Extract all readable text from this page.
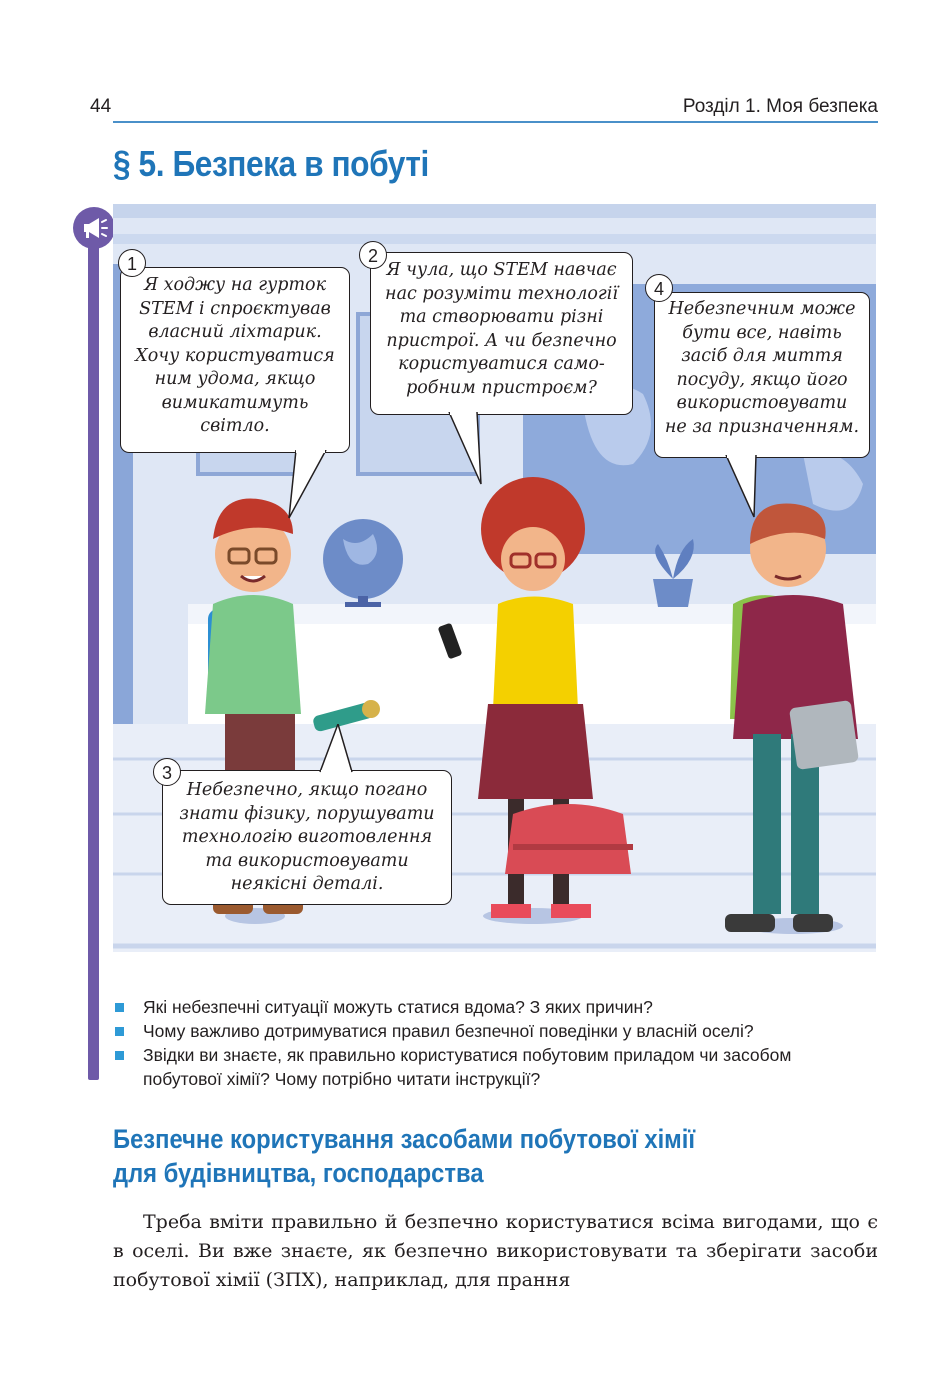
44	Розділ 1. Моя безпека
§ 5. Безпека в побуті
Я ходжу на гурток STEM і спроєктував власний ліхтарик. Хочу користуватися ним удома, якщо вимикатимуть світло.
1	Я чула, що STEM навчає нас розуміти технології та створювати різні пристрої. А чи безпечно користуватися само-робним пристроєм?
2
Небезпечно, якщо погано знати фізику, порушувати технологію виготовлення та використовувати неякісні деталі.
3
Небезпечним може бути все, навіть засіб для миття посуду, якщо його використовувати не за призначенням.
4
Які небезпечні ситуації можуть статися вдома? З яких причин?
Чому важливо дотримуватися правил безпечної поведінки у власній оселі?
Звідки ви знаєте, як правильно користуватися побутовим приладом чи засобом побутової хімії? Чому потрібно читати інструкції?
Безпечне користування засобами побутової хімії
для будівництва, господарства
Треба вміти правильно й безпечно користуватися всіма вигодами, що є в оселі. Ви вже знаєте, як безпечно використовувати та зберігати засоби побутової хімії (ЗПХ), наприклад, для прання
